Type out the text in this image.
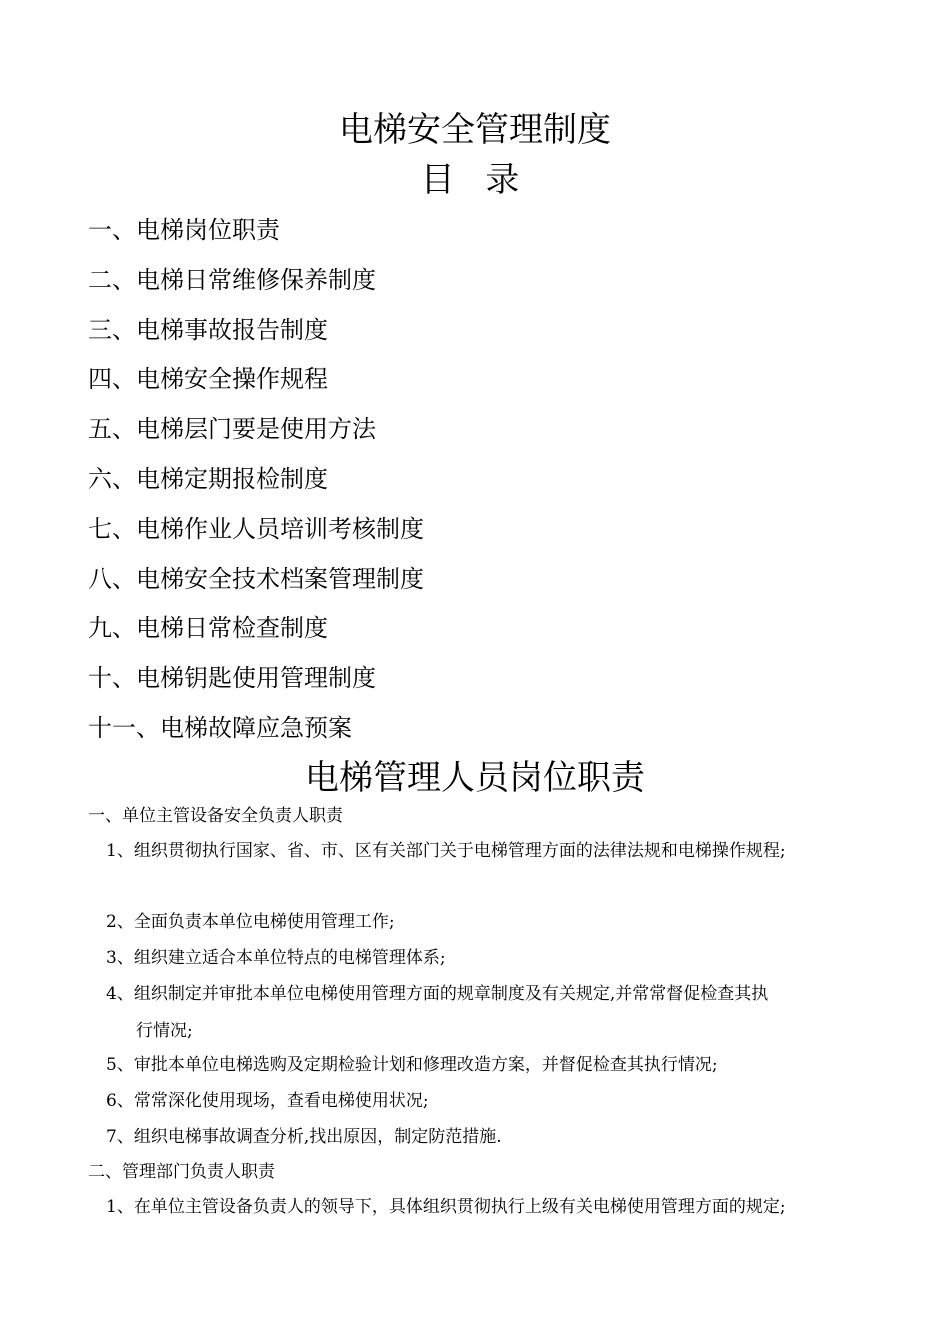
电梯安全管理制度
目 录
一、电梯岗位职责
二、电梯日常维修保养制度
三、电梯事故报告制度
四、电梯安全操作规程
五、电梯层门要是使用方法
六、电梯定期报检制度
七、电梯作业人员培训考核制度
八、电梯安全技术档案管理制度
九、电梯日常检查制度
十、电梯钥匙使用管理制度
十一、电梯故障应急预案
电梯管理人员岗位职责

一、单位主管设备安全负责人职责

1、组织贯彻执行国家、省、市、区有关部门关于电梯管理方面的法律法规和电梯操作规程;

2、全面负责本单位电梯使用管理工作;

3、组织建立适合本单位特点的电梯管理体系;

4、组织制定并审批本单位电梯使用管理方面的规章制度及有关规定,并常常督促检查其执

行情况;

5、审批本单位电梯选购及定期检验计划和修理改造方案，并督促检查其执行情况;

6、常常深化使用现场，查看电梯使用状况;

7、组织电梯事故调查分析,找出原因，制定防范措施.

二、管理部门负责人职责

1、在单位主管设备负责人的领导下，具体组织贯彻执行上级有关电梯使用管理方面的规定;
